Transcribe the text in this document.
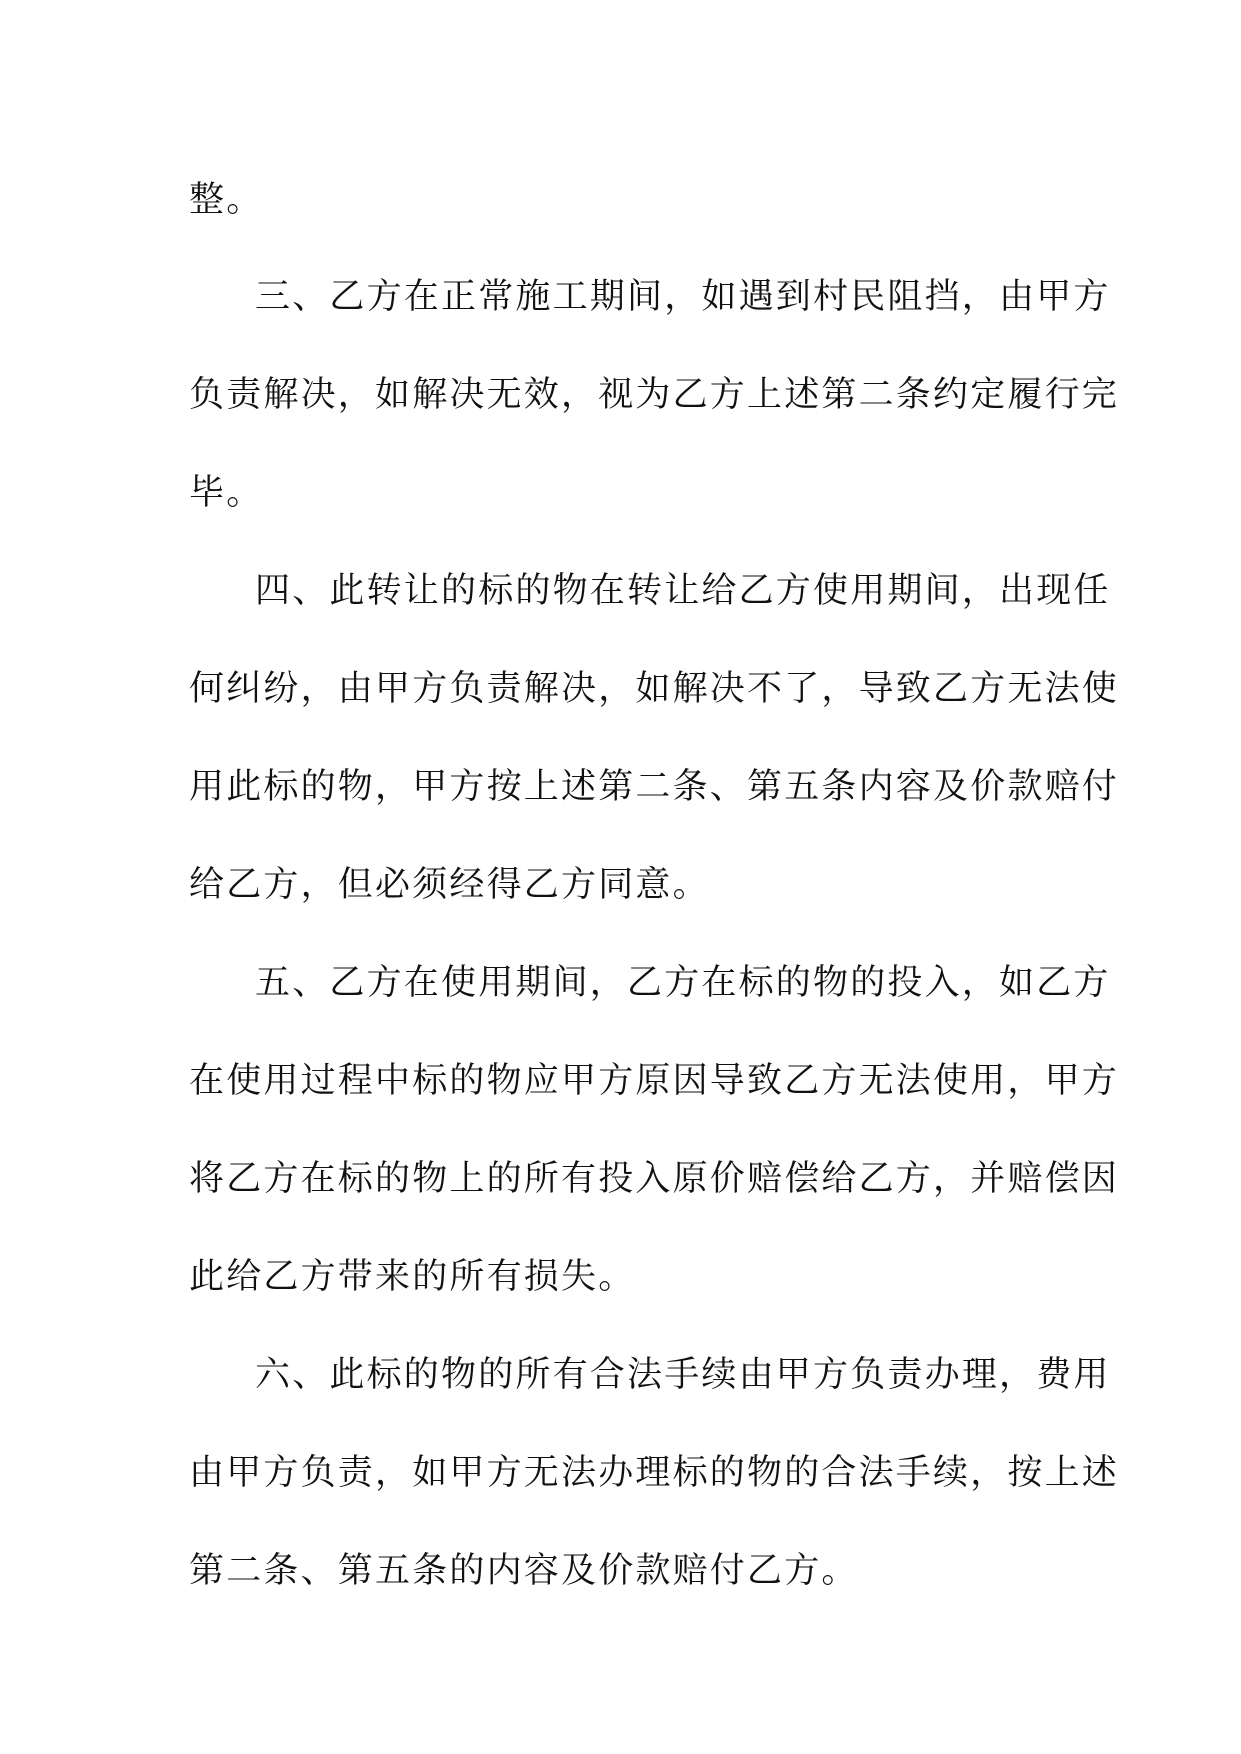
整。
三、乙方在正常施工期间，如遇到村民阻挡，由甲方
负责解决，如解决无效，视为乙方上述第二条约定履行完
毕。
四、此转让的标的物在转让给乙方使用期间，出现任
何纠纷，由甲方负责解决，如解决不了，导致乙方无法使
用此标的物，甲方按上述第二条、第五条内容及价款赔付
给乙方，但必须经得乙方同意。
五、乙方在使用期间，乙方在标的物的投入，如乙方
在使用过程中标的物应甲方原因导致乙方无法使用，甲方
将乙方在标的物上的所有投入原价赔偿给乙方，并赔偿因
此给乙方带来的所有损失。
六、此标的物的所有合法手续由甲方负责办理，费用
由甲方负责，如甲方无法办理标的物的合法手续，按上述
第二条、第五条的内容及价款赔付乙方。
